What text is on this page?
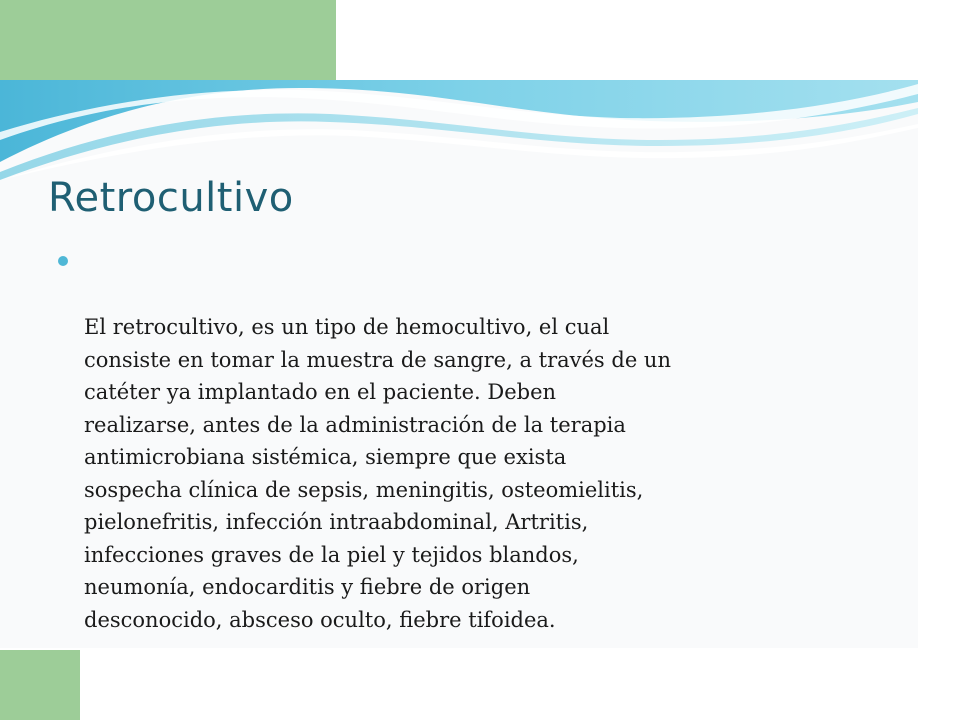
Retrocultivo

El retrocultivo, es un tipo de hemocultivo, el cual
consiste en tomar la muestra de sangre, a través de un
catéter ya implantado en el paciente. Deben
realizarse, antes de la administración de la terapia
antimicrobiana sistémica, siempre que exista
sospecha clínica de sepsis, meningitis, osteomielitis,
pielonefritis, infección intraabdominal, Artritis,
infecciones graves de la piel y tejidos blandos,
neumonía, endocarditis y fiebre de origen
desconocido, absceso oculto, fiebre tifoidea.
